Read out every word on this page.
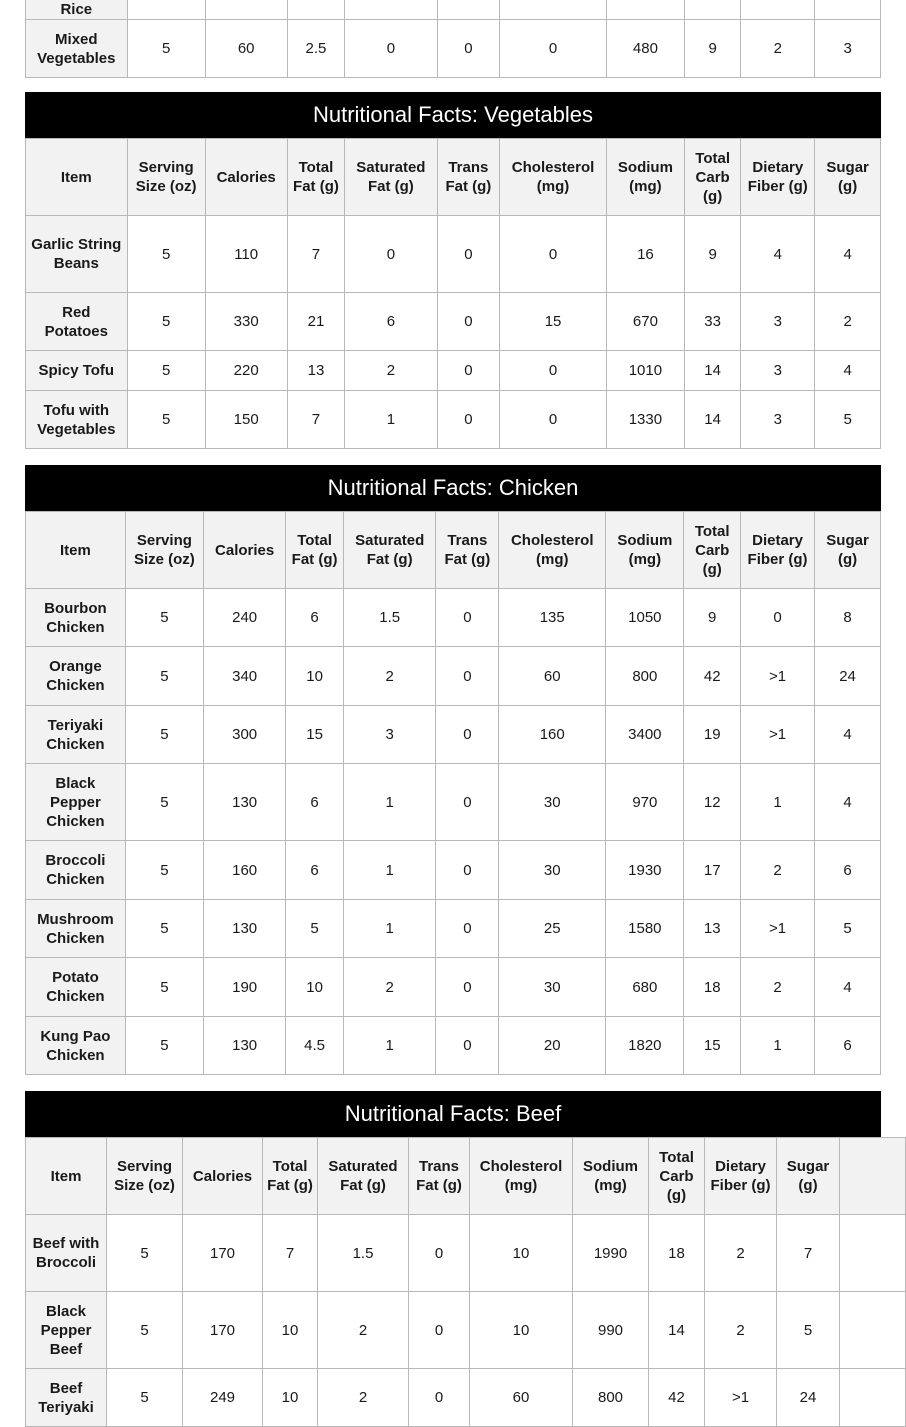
Rice										
Mixed Vegetables	5	60	2.5	0	0	0	480	9	2	3
Nutritional Facts: Vegetables
Item	Serving Size (oz)	Calories	Total Fat (g)	Saturated Fat (g)	Trans Fat (g)	Cholesterol (mg)	Sodium (mg)	Total Carb (g)	Dietary Fiber (g)	Sugar (g)
Garlic String Beans	5	110	7	0	0	0	16	9	4	4
Red Potatoes	5	330	21	6	0	15	670	33	3	2
Spicy Tofu	5	220	13	2	0	0	1010	14	3	4
Tofu with Vegetables	5	150	7	1	0	0	1330	14	3	5
Nutritional Facts: Chicken
Item	Serving Size (oz)	Calories	Total Fat (g)	Saturated Fat (g)	Trans Fat (g)	Cholesterol (mg)	Sodium (mg)	Total Carb (g)	Dietary Fiber (g)	Sugar (g)
Bourbon Chicken	5	240	6	1.5	0	135	1050	9	0	8
Orange Chicken	5	340	10	2	0	60	800	42	>1	24
Teriyaki Chicken	5	300	15	3	0	160	3400	19	>1	4
Black Pepper Chicken	5	130	6	1	0	30	970	12	1	4
Broccoli Chicken	5	160	6	1	0	30	1930	17	2	6
Mushroom Chicken	5	130	5	1	0	25	1580	13	>1	5
Potato Chicken	5	190	10	2	0	30	680	18	2	4
Kung Pao Chicken	5	130	4.5	1	0	20	1820	15	1	6
Nutritional Facts: Beef
Item	Serving Size (oz)	Calories	Total Fat (g)	Saturated Fat (g)	Trans Fat (g)	Cholesterol (mg)	Sodium (mg)	Total Carb (g)	Dietary Fiber (g)	Sugar (g)	
Beef with Broccoli	5	170	7	1.5	0	10	1990	18	2	7	
Black Pepper Beef	5	170	10	2	0	10	990	14	2	5	
Beef Teriyaki	5	249	10	2	0	60	800	42	>1	24	
